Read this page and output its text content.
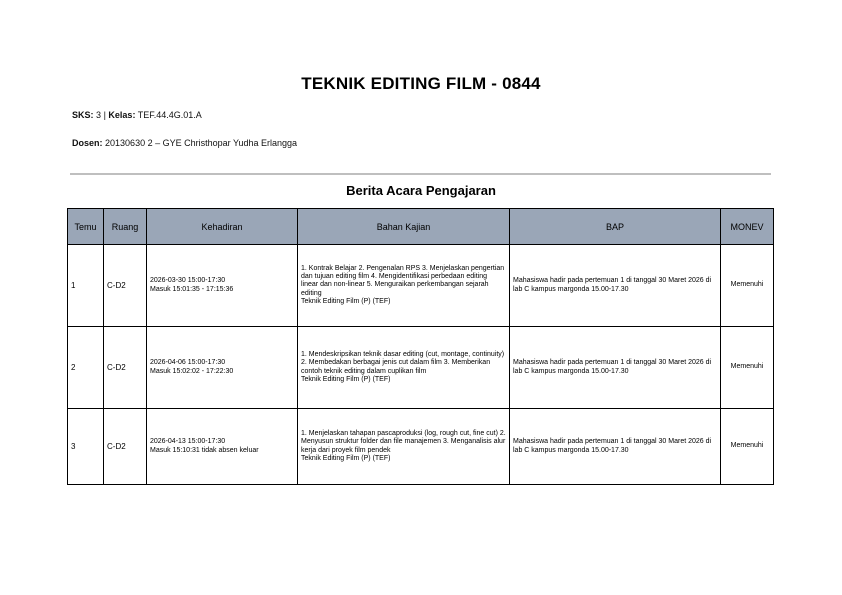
TEKNIK EDITING FILM - 0844
SKS: 3 | Kelas: TEF.44.4G.01.A
Dosen: 20130630 2 – GYE Christhopar Yudha Erlangga
Berita Acara Pengajaran
Temu	Ruang	Kehadiran	Bahan Kajian	BAP	MONEV
1	C-D2	2026-03-30 15:00-17:30
Masuk 15:01:35 - 17:15:36	1. Kontrak Belajar 2. Pengenalan RPS 3. Menjelaskan pengertian dan tujuan editing film 4. Mengidentifikasi perbedaan editing linear dan non-linear 5. Menguraikan perkembangan sejarah editing
Teknik Editing Film (P) (TEF)	Mahasiswa hadir pada pertemuan 1 di tanggal 30 Maret 2026 di lab C kampus margonda 15.00-17.30	Memenuhi
2	C-D2	2026-04-06 15:00-17:30
Masuk 15:02:02 - 17:22:30	1. Mendeskripsikan teknik dasar editing (cut, montage, continuity) 2. Membedakan berbagai jenis cut dalam film 3. Memberikan contoh teknik editing dalam cuplikan film
Teknik Editing Film (P) (TEF)	Mahasiswa hadir pada pertemuan 1 di tanggal 30 Maret 2026 di lab C kampus margonda 15.00-17.30	Memenuhi
3	C-D2	2026-04-13 15:00-17:30
Masuk 15:10:31 tidak absen keluar	1. Menjelaskan tahapan pascaproduksi (log, rough cut, fine cut) 2. Menyusun struktur folder dan file manajemen 3. Menganalisis alur kerja dari proyek film pendek
Teknik Editing Film (P) (TEF)	Mahasiswa hadir pada pertemuan 1 di tanggal 30 Maret 2026 di lab C kampus margonda 15.00-17.30	Memenuhi
